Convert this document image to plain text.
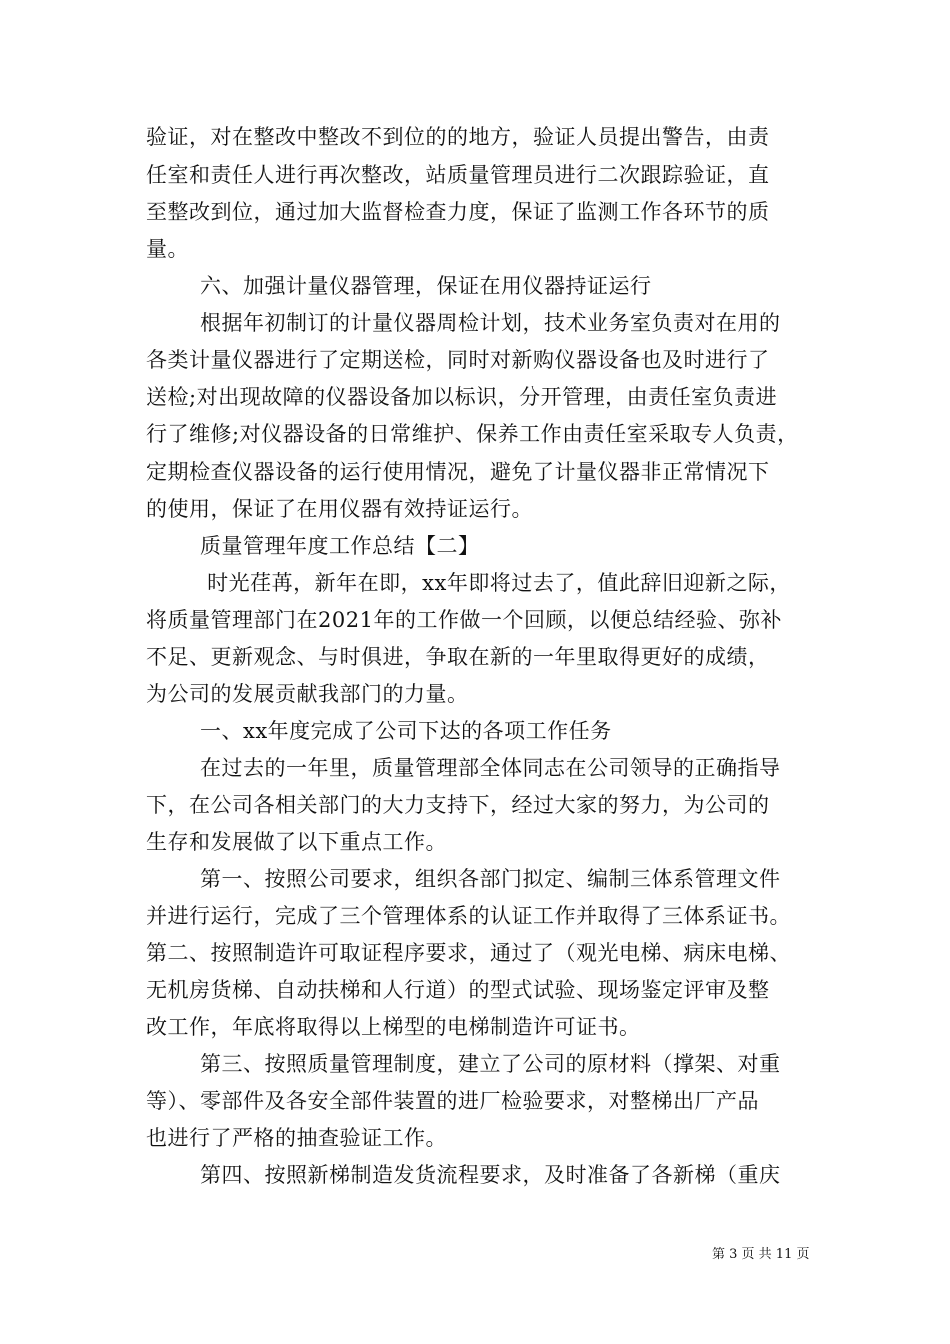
验证，对在整改中整改不到位的的地方，验证人员提出警告，由责
任室和责任人进行再次整改，站质量管理员进行二次跟踪验证，直
至整改到位，通过加大监督检查力度，保证了监测工作各环节的质
量。
六、加强计量仪器管理，保证在用仪器持证运行
根据年初制订的计量仪器周检计划，技术业务室负责对在用的
各类计量仪器进行了定期送检，同时对新购仪器设备也及时进行了
送检;对出现故障的仪器设备加以标识，分开管理，由责任室负责进
行了维修;对仪器设备的日常维护、保养工作由责任室采取专人负责，
定期检查仪器设备的运行使用情况，避免了计量仪器非正常情况下
的使用，保证了在用仪器有效持证运行。
质量管理年度工作总结【二】
时光荏苒，新年在即，xx年即将过去了，值此辞旧迎新之际，
将质量管理部门在2021年的工作做一个回顾，以便总结经验、弥补
不足、更新观念、与时俱进，争取在新的一年里取得更好的成绩，
为公司的发展贡献我部门的力量。
一、xx年度完成了公司下达的各项工作任务
在过去的一年里，质量管理部全体同志在公司领导的正确指导
下，在公司各相关部门的大力支持下，经过大家的努力，为公司的
生存和发展做了以下重点工作。
第一、按照公司要求，组织各部门拟定、编制三体系管理文件
并进行运行，完成了三个管理体系的认证工作并取得了三体系证书。
第二、按照制造许可取证程序要求，通过了（观光电梯、病床电梯、
无机房货梯、自动扶梯和人行道）的型式试验、现场鉴定评审及整
改工作，年底将取得以上梯型的电梯制造许可证书。
第三、按照质量管理制度，建立了公司的原材料（撑架、对重
等）、零部件及各安全部件装置的进厂检验要求，对整梯出厂产品
也进行了严格的抽查验证工作。
第四、按照新梯制造发货流程要求，及时准备了各新梯（重庆
第 3 页 共 11 页
